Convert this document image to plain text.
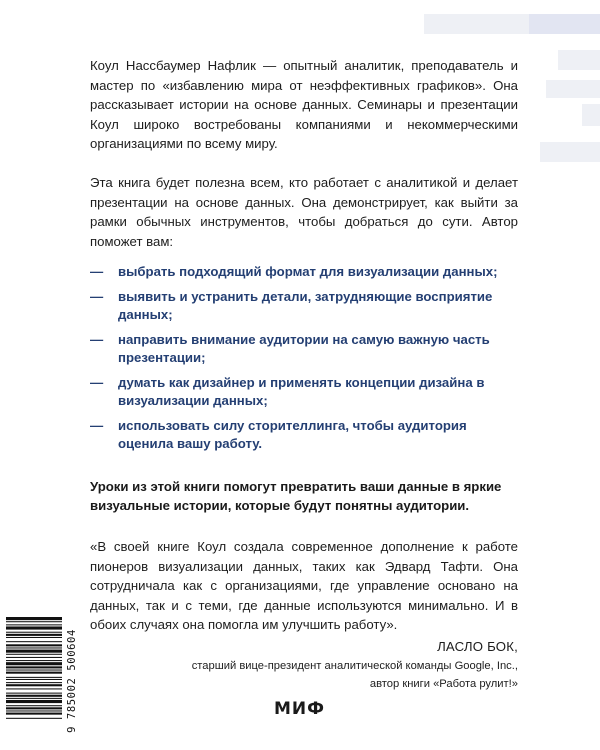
Коул Нассбаумер Нафлик — опытный аналитик, преподаватель и мастер по «избавлению мира от неэффективных графиков». Она рассказывает истории на основе данных. Семинары и презентации Коул широко востребованы компаниями и некоммерческими организациями по всему миру.

Эта книга будет полезна всем, кто работает с аналитикой и делает презентации на основе данных. Она демонстрирует, как выйти за рамки обычных инструментов, чтобы добраться до сути. Автор поможет вам:

— выбрать подходящий формат для визуализации данных;
— выявить и устранить детали, затрудняющие восприятие данных;
— направить внимание аудитории на самую важную часть презентации;
— думать как дизайнер и применять концепции дизайна в визуализации данных;
— использовать силу сторителлинга, чтобы аудитория оценила вашу работу.

Уроки из этой книги помогут превратить ваши данные в яркие визуальные истории, которые будут понятны аудитории.

«В своей книге Коул создала современное дополнение к работе пионеров визуализации данных, таких как Эдвард Тафти. Она сотрудничала как с организациями, где управление основано на данных, так и с теми, где данные используются минимально. И в обоих случаях она помогла им улучшить работу».

ЛАСЛО БОК,
старший вице-президент аналитической команды Google, Inc.,
автор книги «Работа рулит!»
9 785002 500604	МИФ
